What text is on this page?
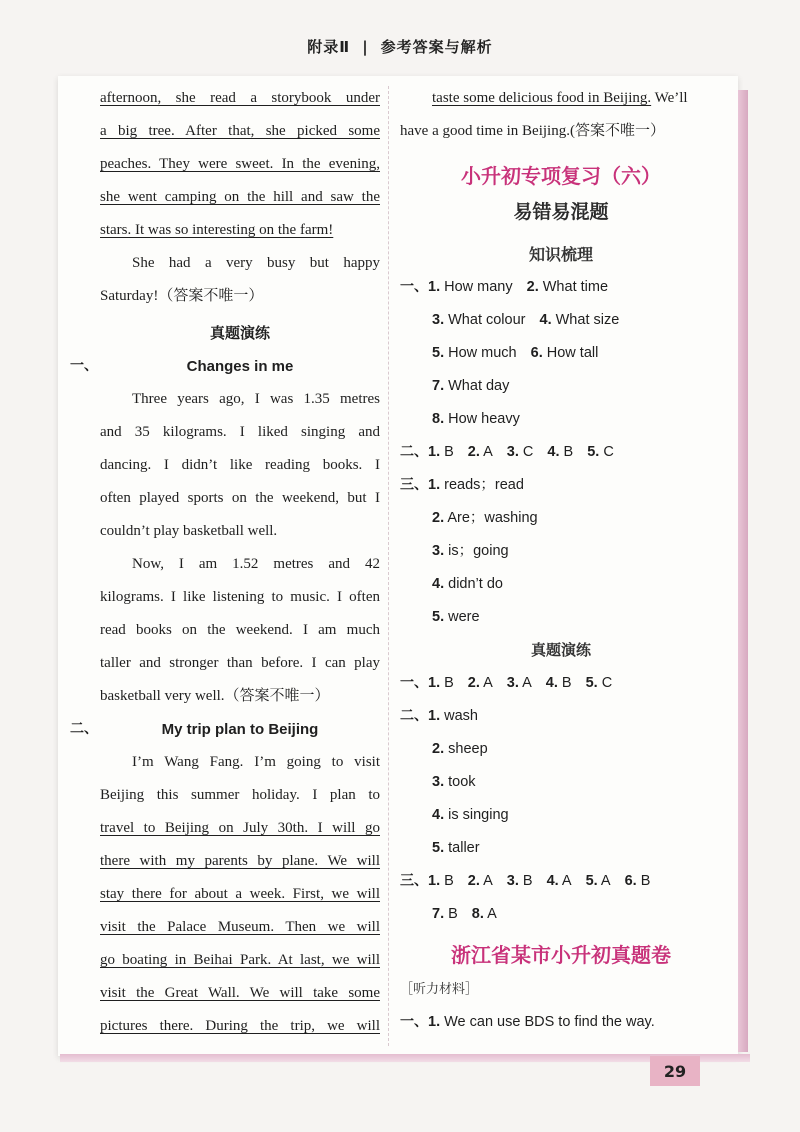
附录Ⅱ | 参考答案与解析
29
afternoon, she read a storybook under
a big tree. After that, she picked some
peaches. They were sweet. In the evening,
she went camping on the hill and saw the
stars. It was so interesting on the farm!
She had a very busy but happy
Saturday!（答案不唯一）
真题演练
一、	Changes in me
Three years ago, I was 1.35 metres
and 35 kilograms. I liked singing and
dancing. I didn’t like reading books. I
often played sports on the weekend, but I
couldn’t play basketball well.
Now, I am 1.52 metres and 42
kilograms. I like listening to music. I often
read books on the weekend. I am much
taller and stronger than before. I can play
basketball very well.（答案不唯一）
二、	My trip plan to Beijing
I’m Wang Fang. I’m going to visit
Beijing this summer holiday. I plan to
travel to Beijing on July 30th. I will go
there with my parents by plane. We will
stay there for about a week. First, we will
visit the Palace Museum. Then we will
go boating in Beihai Park. At last, we will
visit the Great Wall. We will take some
pictures there. During the trip, we will
taste some delicious food in Beijing. We’ll
have a good time in Beijing.(答案不唯一）
小升初专项复习（六）
易错易混题
知识梳理
一、1. How many 2. What time
3. What colour 4. What size
5. How much 6. How tall
7. What day
8. How heavy
二、1. B 2. A 3. C 4. B 5. C
三、1. reads；read
2. Are；washing
3. is；going
4. didn’t do
5. were
真题演练
一、1. B 2. A 3. A 4. B 5. C
二、1. wash
2. sheep
3. took
4. is singing
5. taller
三、1. B 2. A 3. B 4. A 5. A 6. B
7. B 8. A
浙江省某市小升初真题卷
［听力材料］
一、1. We can use BDS to find the way.
